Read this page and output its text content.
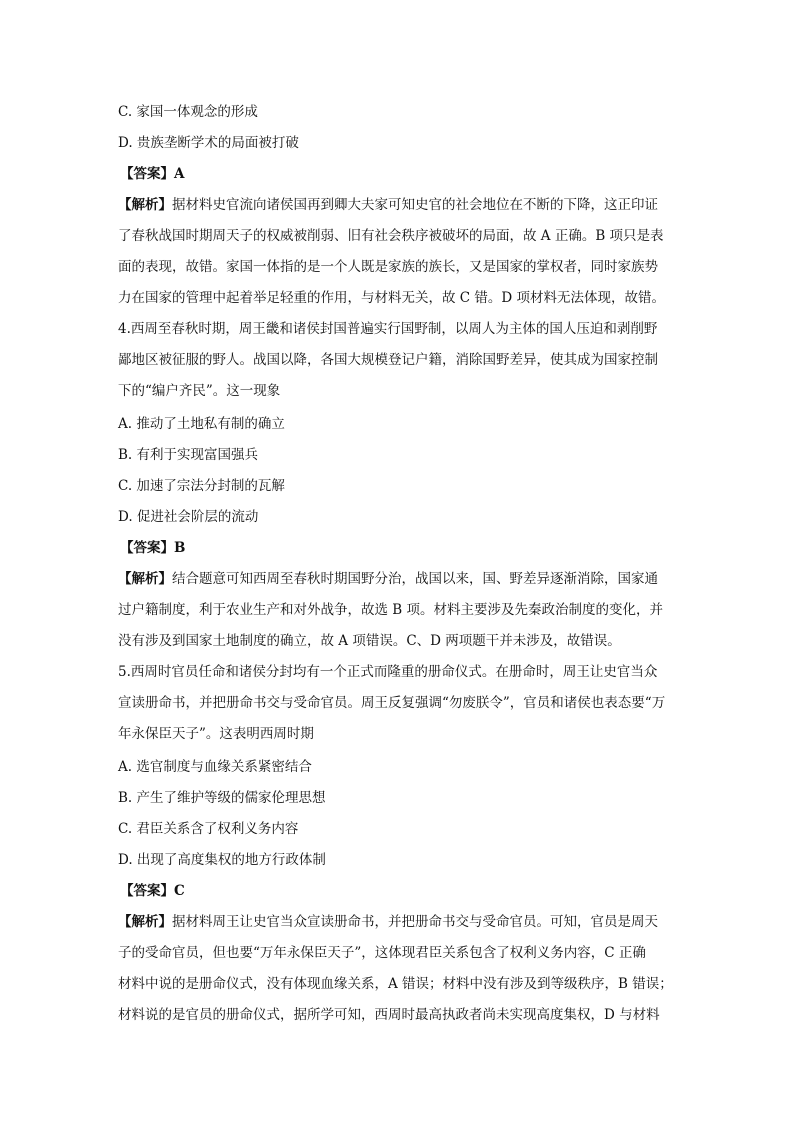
C. 家国一体观念的形成
D. 贵族垄断学术的局面被打破
【答案】A
【解析】据材料史官流向诸侯国再到卿大夫家可知史官的社会地位在不断的下降，这正印证
了春秋战国时期周天子的权威被削弱、旧有社会秩序被破坏的局面，故 A 正确。B 项只是表
面的表现，故错。家国一体指的是一个人既是家族的族长，又是国家的掌权者，同时家族势
力在国家的管理中起着举足轻重的作用，与材料无关，故 C 错。D 项材料无法体现，故错。
4.西周至春秋时期，周王畿和诸侯封国普遍实行国野制，以周人为主体的国人压迫和剥削野
鄙地区被征服的野人。战国以降，各国大规模登记户籍，消除国野差异，使其成为国家控制
下的“编户齐民”。这一现象
A. 推动了土地私有制的确立
B. 有利于实现富国强兵
C. 加速了宗法分封制的瓦解
D. 促进社会阶层的流动
【答案】B
【解析】结合题意可知西周至春秋时期国野分治，战国以来，国、野差异逐渐消除，国家通
过户籍制度，利于农业生产和对外战争，故选 B 项。材料主要涉及先秦政治制度的变化，并
没有涉及到国家土地制度的确立，故 A 项错误。C、D 两项题干并未涉及，故错误。
5.西周时官员任命和诸侯分封均有一个正式而隆重的册命仪式。在册命时，周王让史官当众
宣读册命书，并把册命书交与受命官员。周王反复强调“勿废朕令”，官员和诸侯也表态要“万
年永保臣天子”。这表明西周时期
A. 选官制度与血缘关系紧密结合
B. 产生了维护等级的儒家伦理思想
C. 君臣关系含了权利义务内容
D. 出现了高度集权的地方行政体制
【答案】C
【解析】据材料周王让史官当众宣读册命书，并把册命书交与受命官员。可知，官员是周天
子的受命官员，但也要“万年永保臣天子”，这体现君臣关系包含了权利义务内容，C 正确
材料中说的是册命仪式，没有体现血缘关系，A 错误；材料中没有涉及到等级秩序，B 错误；
材料说的是官员的册命仪式，据所学可知，西周时最高执政者尚未实现高度集权，D 与材料
